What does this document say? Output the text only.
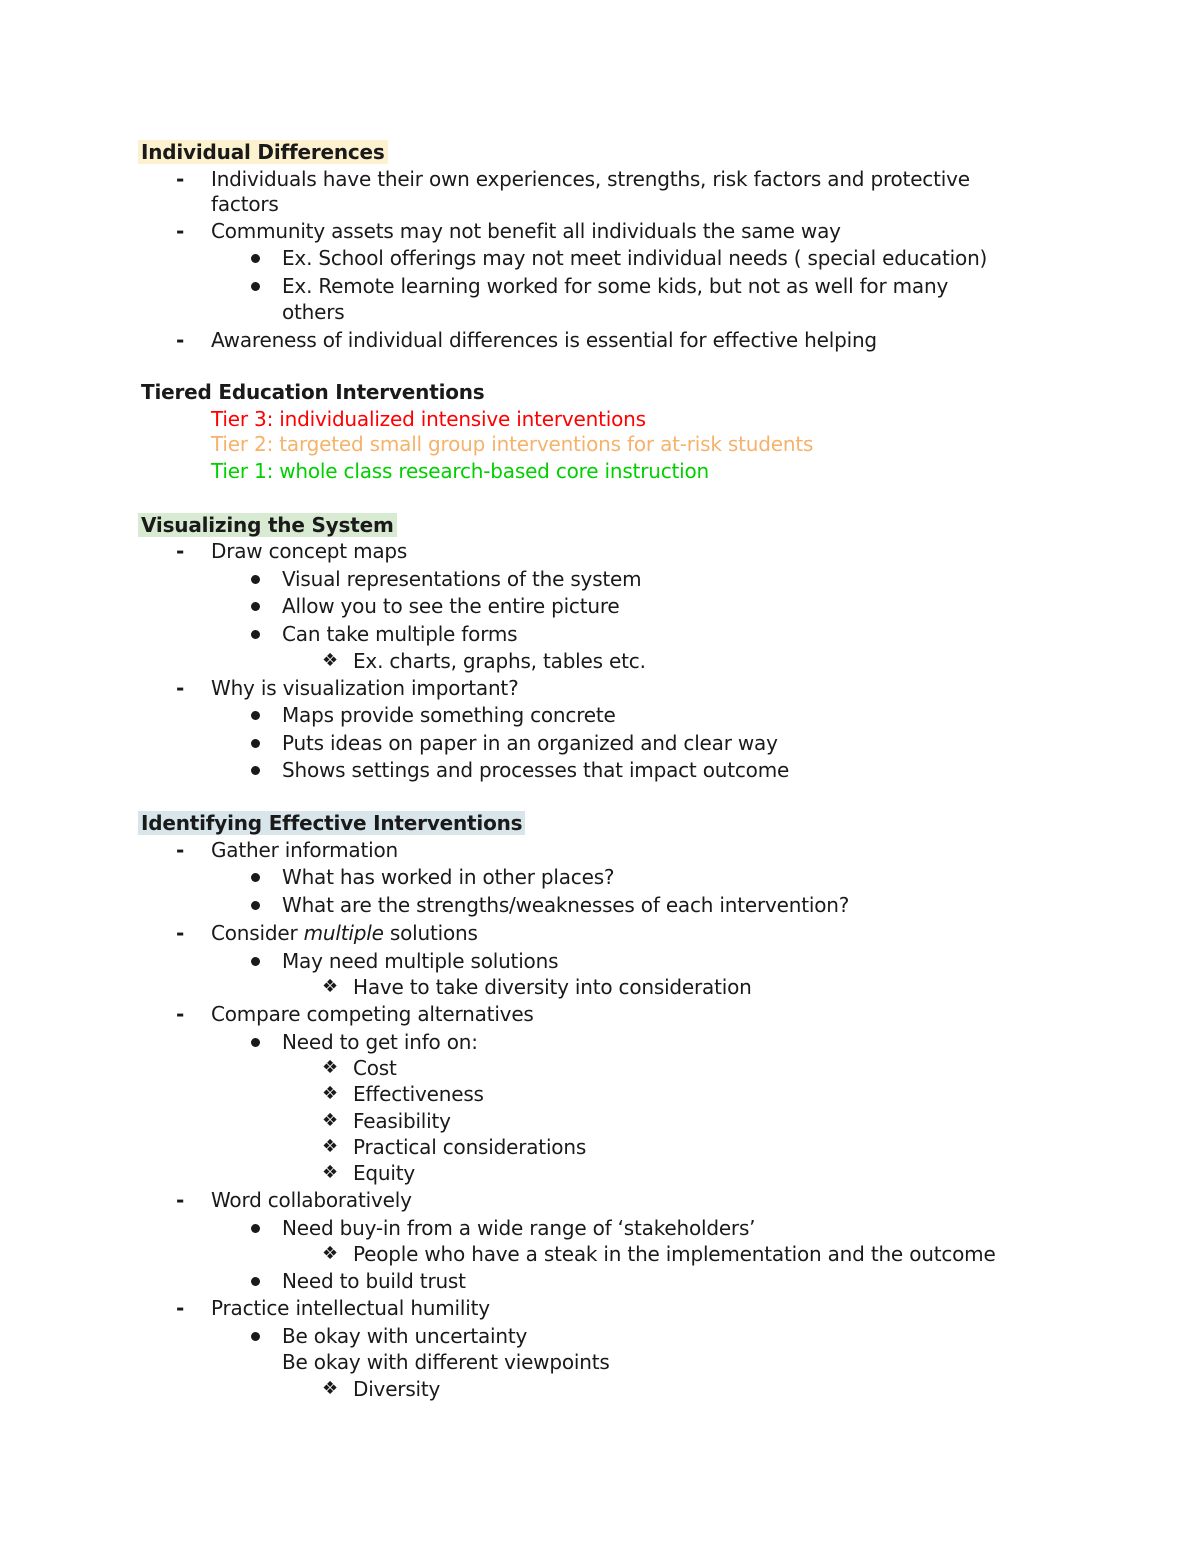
Individual Differences
- Individuals have their own experiences, strengths, risk factors and protective
factors
- Community assets may not benefit all individuals the same way
Ex. School offerings may not meet individual needs ( special education)
Ex. Remote learning worked for some kids, but not as well for many
others
- Awareness of individual differences is essential for effective helping
Tiered Education Interventions
Tier 3: individualized intensive interventions
Tier 2: targeted small group interventions for at-risk students
Tier 1: whole class research-based core instruction
Visualizing the System
- Draw concept maps
Visual representations of the system
Allow you to see the entire picture
Can take multiple forms
❖ Ex. charts, graphs, tables etc.
- Why is visualization important?
Maps provide something concrete
Puts ideas on paper in an organized and clear way
Shows settings and processes that impact outcome
Identifying Effective Interventions
- Gather information
What has worked in other places?
What are the strengths/weaknesses of each intervention?
- Consider multiple solutions
May need multiple solutions
❖ Have to take diversity into consideration
- Compare competing alternatives
Need to get info on:
❖ Cost
❖ Effectiveness
❖ Feasibility
❖ Practical considerations
❖ Equity
- Word collaboratively
Need buy-in from a wide range of ‘stakeholders’
❖ People who have a steak in the implementation and the outcome
Need to build trust
- Practice intellectual humility
Be okay with uncertainty
Be okay with different viewpoints
❖ Diversity
